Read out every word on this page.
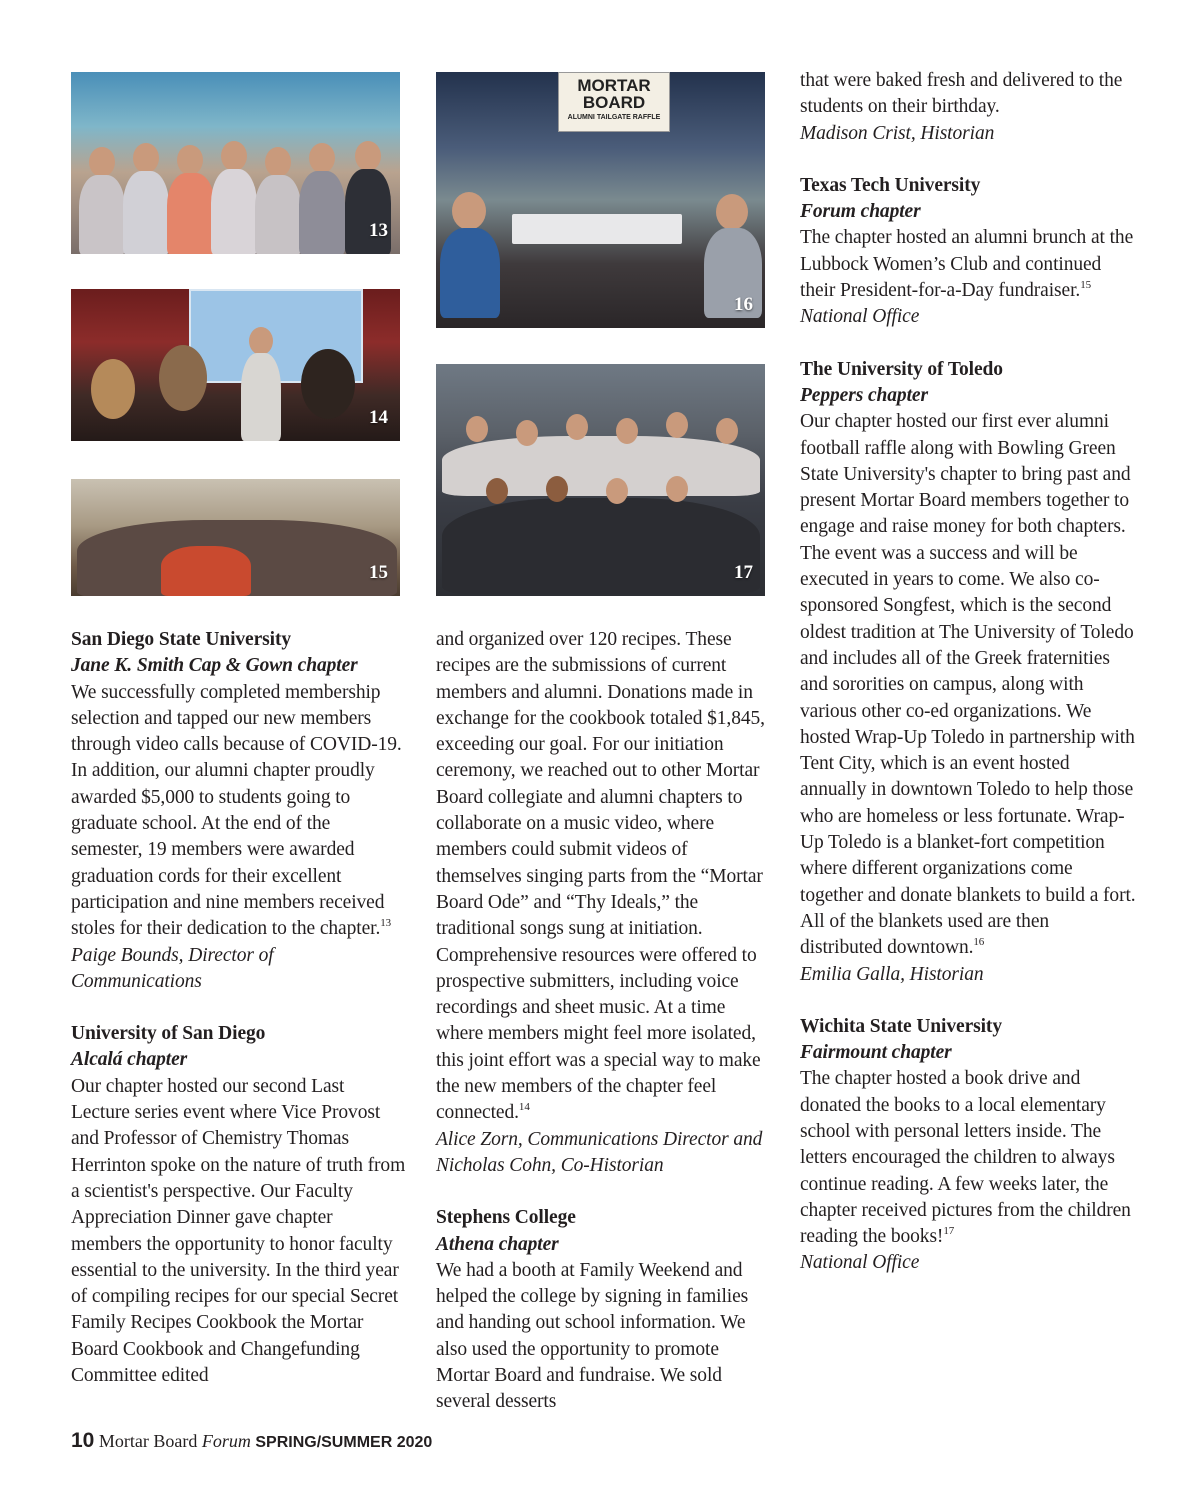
13
14
15
MORTAR BOARD
ALUMNI TAILGATE RAFFLE
16
17

San Diego State University

Jane K. Smith Cap & Gown chapter

We successfully completed membership selection and tapped our new members through video calls because of COVID-19. In addition, our alumni chapter proudly awarded $5,000 to students going to graduate school. At the end of the semester, 19 members were awarded graduation cords for their excellent participation and nine members received stoles for their dedication to the chapter.$^{13}$

Paige Bounds, Director of Communications

University of San Diego

Alcalá chapter

Our chapter hosted our second Last Lecture series event where Vice Provost and Professor of Chemistry Thomas Herrinton spoke on the nature of truth from a scientist's perspective. Our Faculty Appreciation Dinner gave chapter members the opportunity to honor faculty essential to the university. In the third year of compiling recipes for our special Secret Family Recipes Cookbook the Mortar Board Cookbook and Changefunding Committee edited

and organized over 120 recipes. These recipes are the submissions of current members and alumni. Donations made in exchange for the cookbook totaled $1,845, exceeding our goal. For our initiation ceremony, we reached out to other Mortar Board collegiate and alumni chapters to collaborate on a music video, where members could submit videos of themselves singing parts from the “Mortar Board Ode” and “Thy Ideals,” the traditional songs sung at initiation. Comprehensive resources were offered to prospective submitters, including voice recordings and sheet music. At a time where members might feel more isolated, this joint effort was a special way to make the new members of the chapter feel connected.$^{14}$

Alice Zorn, Communications Director and Nicholas Cohn, Co-Historian

Stephens College

Athena chapter

We had a booth at Family Weekend and helped the college by signing in families and handing out school information. We also used the opportunity to promote Mortar Board and fundraise. We sold several desserts

that were baked fresh and delivered to the students on their birthday.

Madison Crist, Historian

Texas Tech University

Forum chapter

The chapter hosted an alumni brunch at the Lubbock Women’s Club and continued their President-for-a-Day fundraiser.$^{15}$

National Office

The University of Toledo

Peppers chapter

Our chapter hosted our first ever alumni football raffle along with Bowling Green State University's chapter to bring past and present Mortar Board members together to engage and raise money for both chapters. The event was a success and will be executed in years to come. We also co-sponsored Songfest, which is the second oldest tradition at The University of Toledo and includes all of the Greek fraternities and sororities on campus, along with various other co-ed organizations. We hosted Wrap-Up Toledo in partnership with Tent City, which is an event hosted annually in downtown Toledo to help those who are homeless or less fortunate. Wrap-Up Toledo is a blanket-fort competition where different organizations come together and donate blankets to build a fort. All of the blankets used are then distributed downtown.$^{16}$

Emilia Galla, Historian

Wichita State University

Fairmount chapter

The chapter hosted a book drive and donated the books to a local elementary school with personal letters inside. The letters encouraged the children to always continue reading. A few weeks later, the chapter received pictures from the children reading the books!$^{17}$

National Office

10 Mortar Board Forum SPRING/SUMMER 2020
